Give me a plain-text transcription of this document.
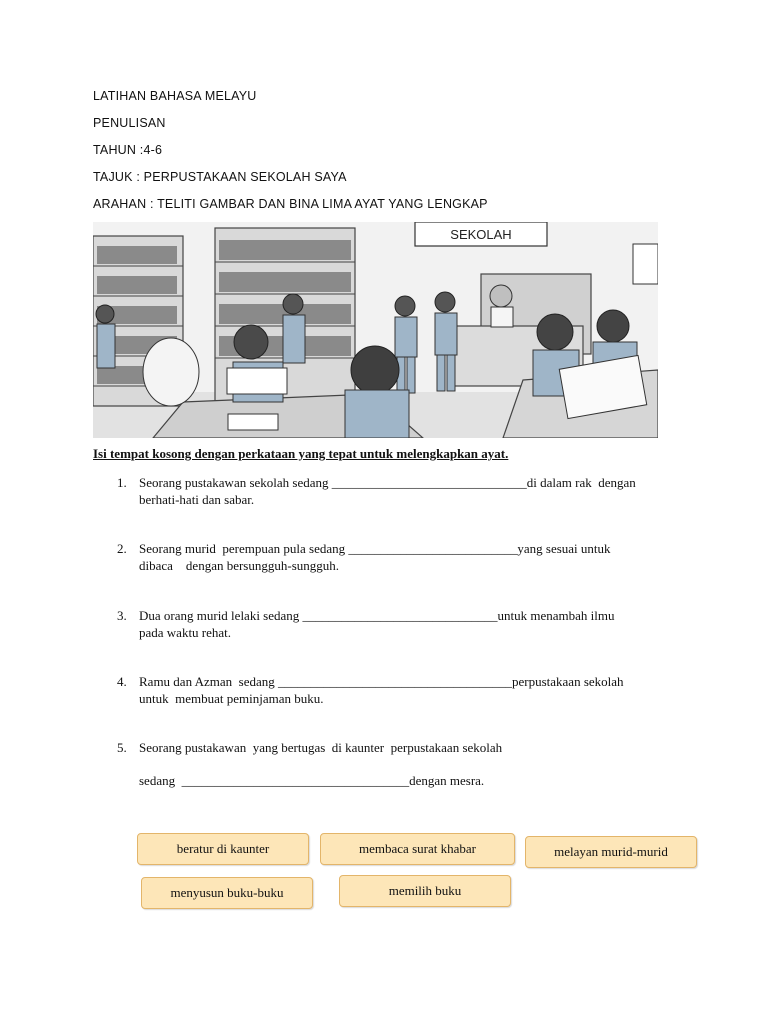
LATIHAN BAHASA MELAYU
PENULISAN
TAHUN :4-6
TAJUK : PERPUSTAKAAN SEKOLAH SAYA
ARAHAN : TELITI GAMBAR DAN BINA LIMA AYAT YANG LENGKAP
SEKOLAH
Isi tempat kosong dengan perkataan yang tepat untuk melengkapkan ayat.
1. Seorang pustakawan sekolah sedang ______________________________di dalam rak  dengan
berhati-hati dan sabar.
2. Seorang murid  perempuan pula sedang __________________________yang sesuai untuk
dibaca    dengan bersungguh-sungguh.
3. Dua orang murid lelaki sedang ______________________________untuk menambah ilmu
pada waktu rehat.
4. Ramu dan Azman  sedang ____________________________________perpustakaan sekolah
untuk  membuat peminjaman buku.
5. Seorang pustakawan  yang bertugas  di kaunter  perpustakaan sekolah
sedang  ___________________________________dengan mesra.
beratur di kaunter	membaca surat khabar	melayan murid-murid
menyusun buku-buku	memilih buku
